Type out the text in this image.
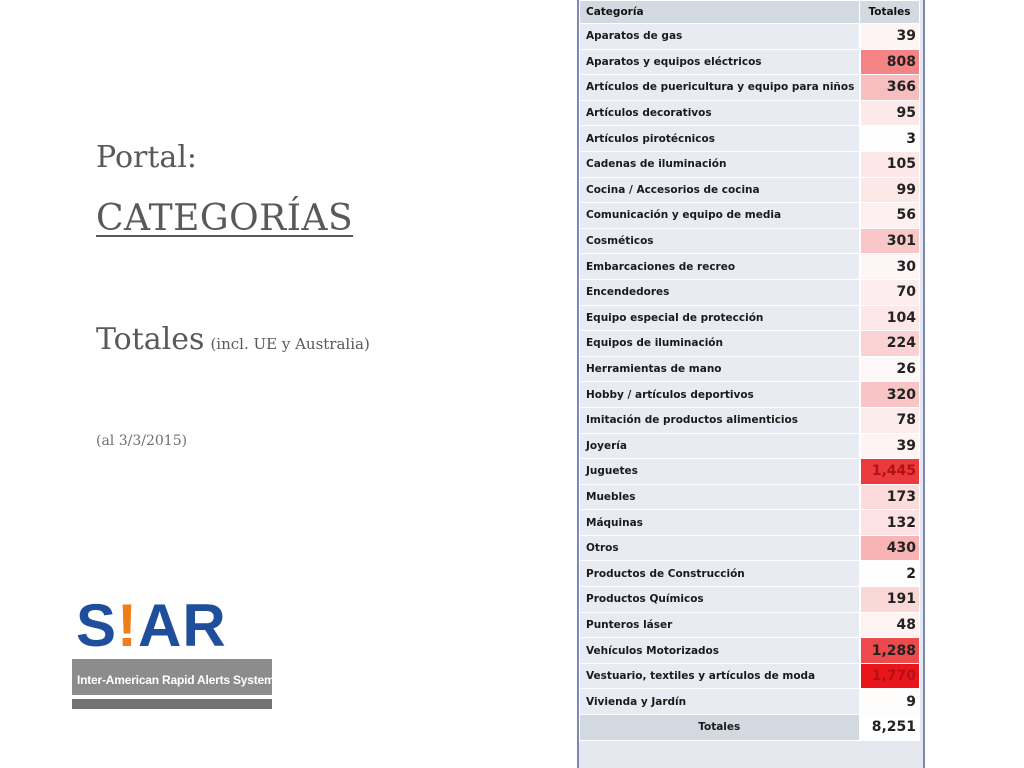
Portal:
CATEGORÍAS
Totales (incl. UE y Australia)
(al 3/3/2015)
S!AR
Inter-American Rapid Alerts System
Categoría	Totales
Aparatos de gas	39
Aparatos y equipos eléctricos	808
Artículos de puericultura y equipo para niños	366
Artículos decorativos	95
Artículos pirotécnicos	3
Cadenas de iluminación	105
Cocina / Accesorios de cocina	99
Comunicación y equipo de media	56
Cosméticos	301
Embarcaciones de recreo	30
Encendedores	70
Equipo especial de protección	104
Equipos de iluminación	224
Herramientas de mano	26
Hobby / artículos deportivos	320
Imitación de productos alimenticios	78
Joyería	39
Juguetes	1,445
Muebles	173
Máquinas	132
Otros	430
Productos de Construcción	2
Productos Químicos	191
Punteros láser	48
Vehículos Motorizados	1,288
Vestuario, textiles y artículos de moda	1,770
Vivienda y Jardín	9
Totales	8,251
